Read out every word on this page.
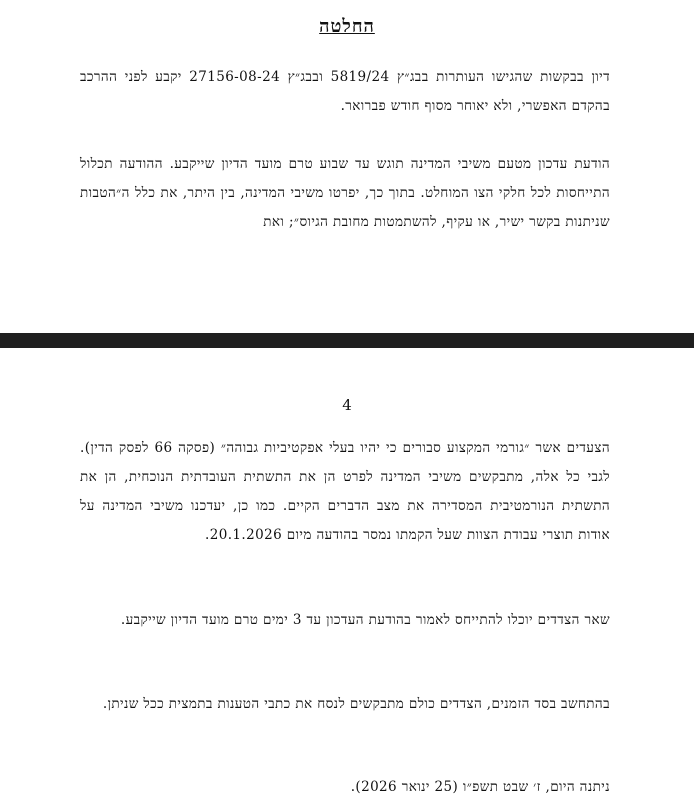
החלטה
דיון בבקשות שהגישו העותרות בבג״ץ 5819/24 ובבג״ץ 27156-08-24 יקבע לפני ההרכב בהקדם האפשרי, ולא יאוחר מסוף חודש פברואר.
הודעת עדכון מטעם משיבי המדינה תוגש עד שבוע טרם מועד הדיון שייקבע. ההודעה תכלול התייחסות לכל חלקי הצו המוחלט. בתוך כך, יפרטו משיבי המדינה, בין היתר, את כלל ה״הטבות שניתנות בקשר ישיר, או עקיף, להשתמטות מחובת הגיוס״; ואת
4
הצעדים אשר ״גורמי המקצוע סבורים כי יהיו בעלי אפקטיביות גבוהה״ (פסקה 66 לפסק הדין). לגבי כל אלה, מתבקשים משיבי המדינה לפרט הן את התשתית העובדתית הנוכחית, הן את התשתית הנורמטיבית המסדירה את מצב הדברים הקיים. כמו כן, יעדכנו משיבי המדינה על אודות תוצרי עבודת הצוות שעל הקמתו נמסר בהודעה מיום 20.1.2026.
שאר הצדדים יוכלו להתייחס לאמור בהודעת העדכון עד 3 ימים טרם מועד הדיון שייקבע.
בהתחשב בסד הזמנים, הצדדים כולם מתבקשים לנסח את כתבי הטענות בתמצית ככל שניתן.
ניתנה היום, ז׳ שבט תשפ״ו (25 ינואר 2026).
